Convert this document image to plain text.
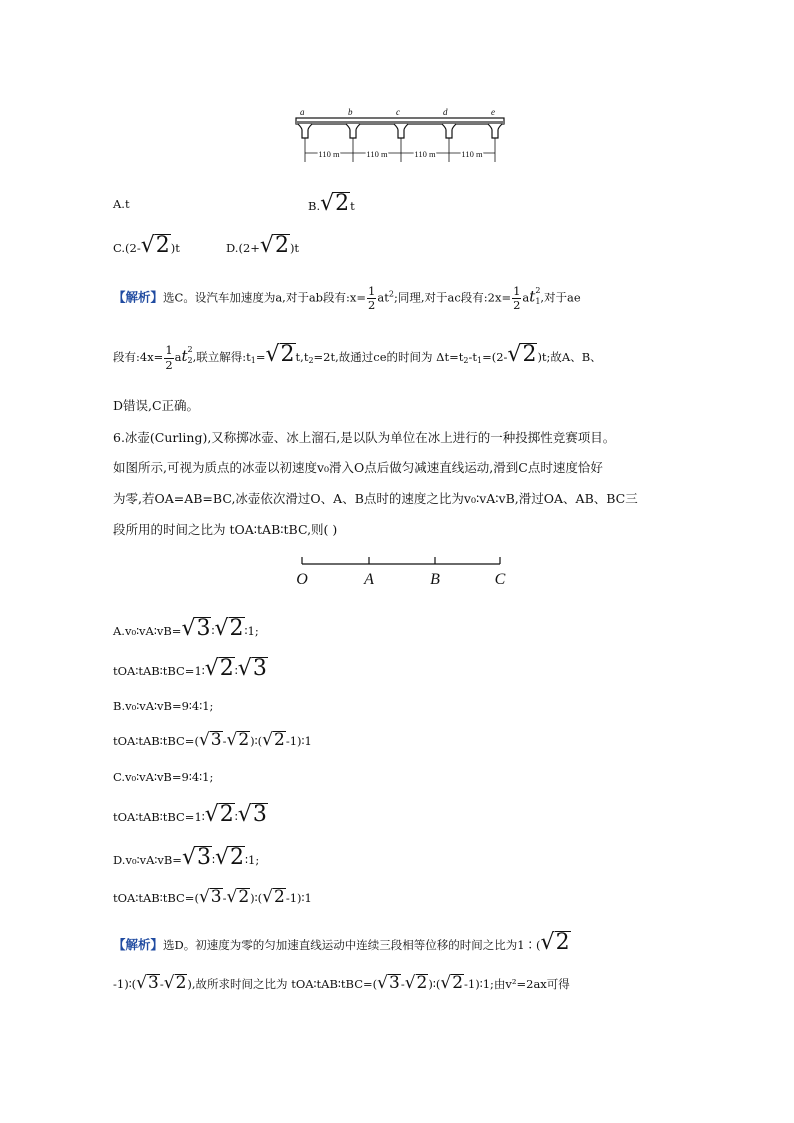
a	b	c	d	e
110 m	110 m	110 m	110 m
A.t	B.√2t
C.(2-√2)t	D.(2+√2)t
【解析】选C。设汽车加速度为a,对于ab段有:x= $\frac{1}{2} at^2$;同理,对于ac段有:2x= $\frac{1}{2}$ at $_{2 1}$,对于ae
段有:4x= $\frac{1}{2}$ at $_{2 2}$,联立解得$:t_1=√2t,t_2=2t$,故通过ce的时间为 $\Delta t=t_2-t_1=(2-√2)t$;故A、B、
D错误,C正确。
6.冰壶(Curling),又称掷冰壶、冰上溜石,是以队为单位在冰上进行的一种投掷性竞赛项目。
如图所示,可视为质点的冰壶以初速度v₀滑入O点后做匀减速直线运动,滑到C点时速度恰好
为零,若OA=AB=BC,冰壶依次滑过O、A、B点时的速度之比为v₀∶vA∶vB,滑过OA、AB、BC三
段所用的时间之比为 tOA∶tAB∶tBC,则( )
O	A	B	C
A.v₀∶vA∶vB=√3∶√2∶1;
tOA∶tAB∶tBC=1∶√2∶√3
B.v₀∶vA∶vB=9∶4∶1;
tOA∶tAB∶tBC=(√3-√2)∶(√2-1)∶1
C.v₀∶vA∶vB=9∶4∶1;
tOA∶tAB∶tBC=1∶√2∶√3
D.v₀∶vA∶vB=√3∶√2∶1;
tOA∶tAB∶tBC=(√3-√2)∶(√2-1)∶1
【解析】选D。初速度为零的匀加速直线运动中连续三段相等位移的时间之比为1∶(√2
-1)∶(√3-√2),故所求时间之比为 tOA∶tAB∶tBC=(√3-√2)∶(√2-1)∶1;由v²=2ax可得
